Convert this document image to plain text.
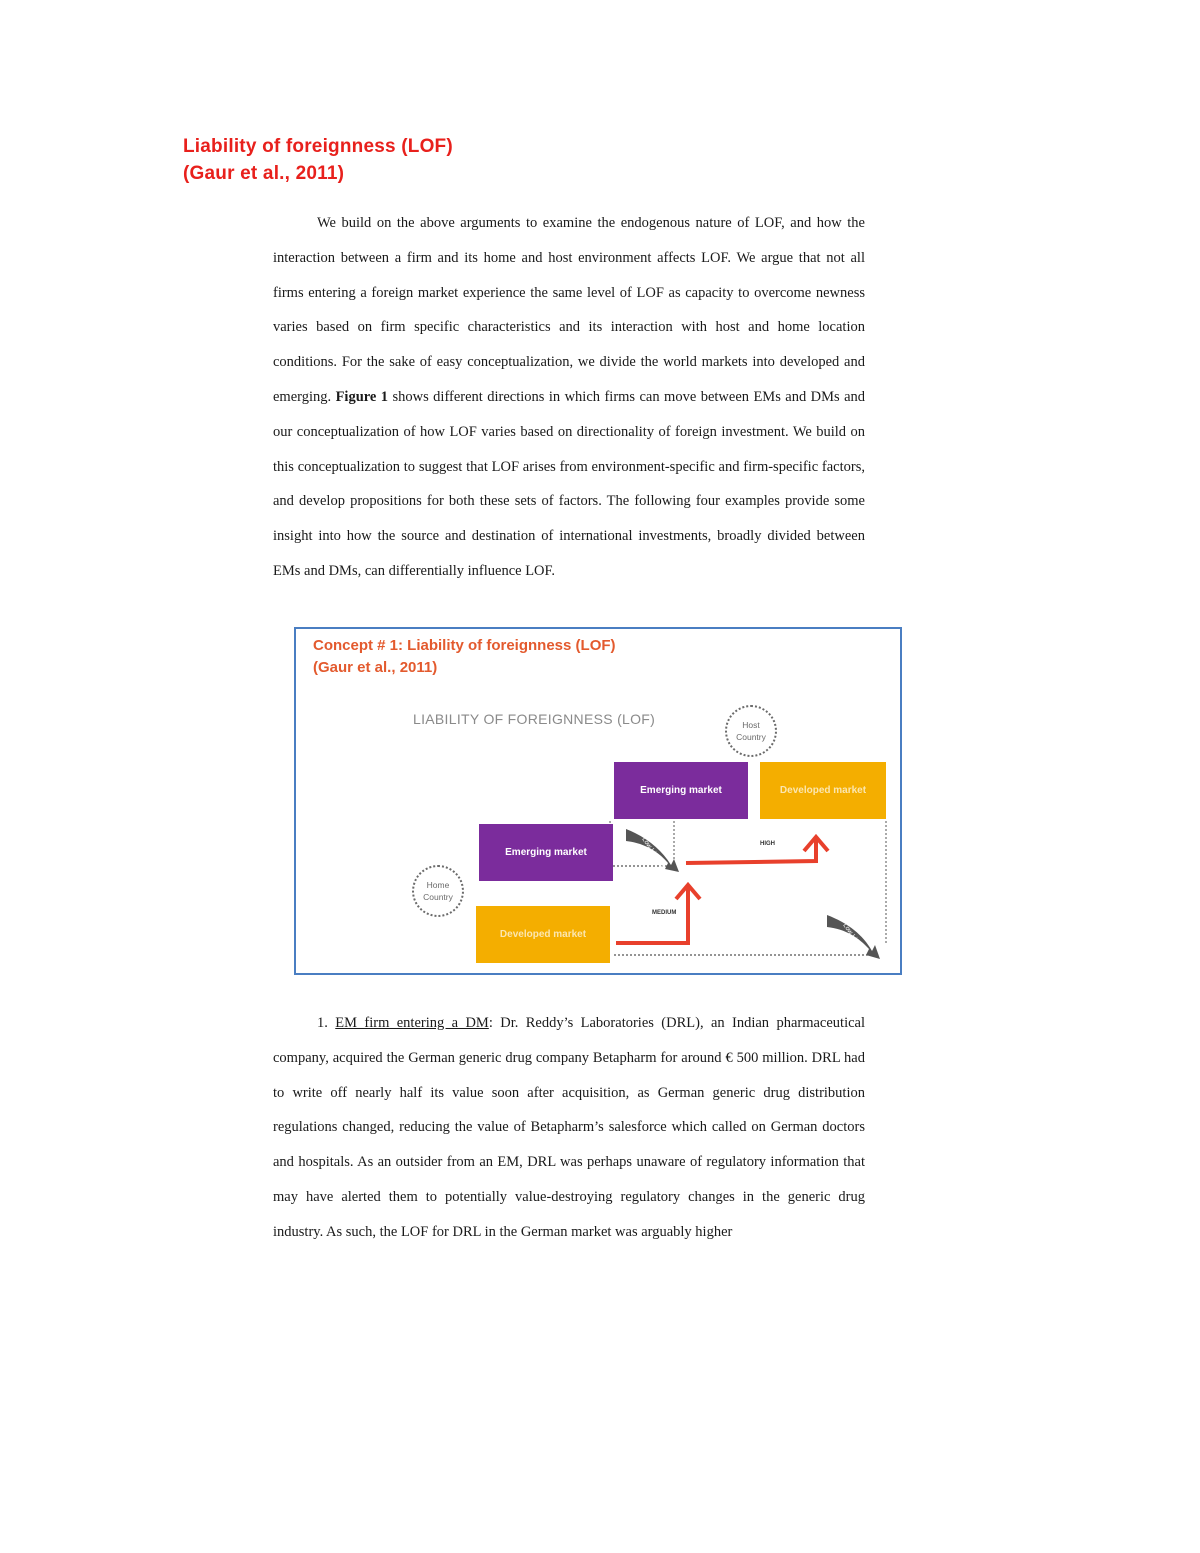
Liability of foreignness (LOF)
(Gaur et al., 2011)

We build on the above arguments to examine the endogenous nature of LOF, and how the interaction between a firm and its home and host environment affects LOF. We argue that not all firms entering a foreign market experience the same level of LOF as capacity to overcome newness varies based on firm specific characteristics and its interaction with host and home location conditions. For the sake of easy conceptualization, we divide the world markets into developed and emerging. Figure 1 shows different directions in which firms can move between EMs and DMs and our conceptualization of how LOF varies based on directionality of foreign investment. We build on this conceptualization to suggest that LOF arises from environment-specific and firm-specific factors, and develop propositions for both these sets of factors. The following four examples provide some insight into how the source and destination of international investments, broadly divided between EMs and DMs, can differentially influence LOF.

Concept # 1: Liability of foreignness (LOF)
(Gaur et al., 2011)
LIABILITY OF FOREIGNNESS (LOF)
Low Liability
Low Liability
Host
Country
Home
Country
Emerging market	Developed market
Emerging market
Developed market
HIGH
MEDIUM

1. EM firm entering a DM: Dr. Reddy’s Laboratories (DRL), an Indian pharmaceutical company, acquired the German generic drug company Betapharm for around € 500 million. DRL had to write off nearly half its value soon after acquisition, as German generic drug distribution regulations changed, reducing the value of Betapharm’s salesforce which called on German doctors and hospitals. As an outsider from an EM, DRL was perhaps unaware of regulatory information that may have alerted them to potentially value-destroying regulatory changes in the generic drug industry. As such, the LOF for DRL in the German market was arguably higher
